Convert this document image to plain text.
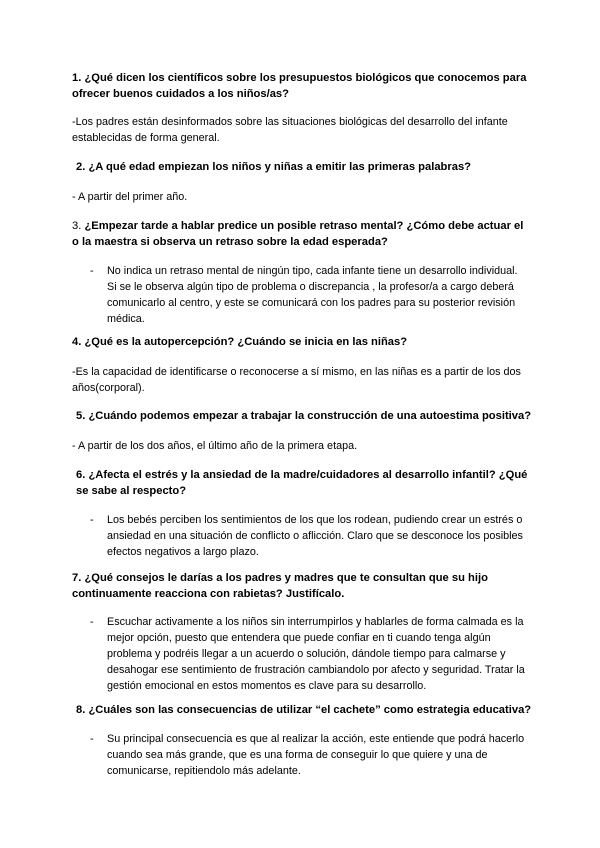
1. ¿Qué dicen los científicos sobre los presupuestos biológicos que conocemos para ofrecer buenos cuidados a los niños/as?

-Los padres están desinformados sobre las situaciones biológicas del desarrollo del infante establecidas de forma general.

2. ¿A qué edad empiezan los niños y niñas a emitir las primeras palabras?

- A partir del primer año.

3. ¿Empezar tarde a hablar predice un posible retraso mental? ¿Cómo debe actuar el o la maestra si observa un retraso sobre la edad esperada?

- No indica un retraso mental de ningún tipo, cada infante tiene un desarrollo individual. Si se le observa algún tipo de problema o discrepancia , la profesor/a a cargo deberá comunicarlo al centro, y este se comunicará con los padres para su posterior revisión médica.

4. ¿Qué es la autopercepción? ¿Cuándo se inicia en las niñas?

-Es la capacidad de identificarse o reconocerse a sí mismo, en las niñas es a partir de los dos años(corporal).

5. ¿Cuándo podemos empezar a trabajar la construcción de una autoestima positiva?

- A partir de los dos años, el último año de la primera etapa.

6. ¿Afecta el estrés y la ansiedad de la madre/cuidadores al desarrollo infantil? ¿Qué se sabe al respecto?

- Los bebés perciben los sentimientos de los que los rodean, pudiendo crear un estrés o ansiedad en una situación de conflicto o aflicción. Claro que se desconoce los posibles efectos negativos a largo plazo.

7. ¿Qué consejos le darías a los padres y madres que te consultan que su hijo continuamente reacciona con rabietas? Justifícalo.

- Escuchar activamente a los niños sin interrumpirlos y hablarles de forma calmada es la mejor opción, puesto que entendera que puede confiar en ti cuando tenga algún problema y podréis llegar a un acuerdo o solución, dándole tiempo para calmarse y desahogar ese sentimiento de frustración cambiandolo por afecto y seguridad. Tratar la gestión emocional en estos momentos es clave para su desarrollo.

8. ¿Cuáles son las consecuencias de utilizar “el cachete” como estrategia educativa?

- Su principal consecuencia es que al realizar la acción, este entiende que podrá hacerlo cuando sea más grande, que es una forma de conseguir lo que quiere y una de comunicarse, repitiendolo más adelante.
